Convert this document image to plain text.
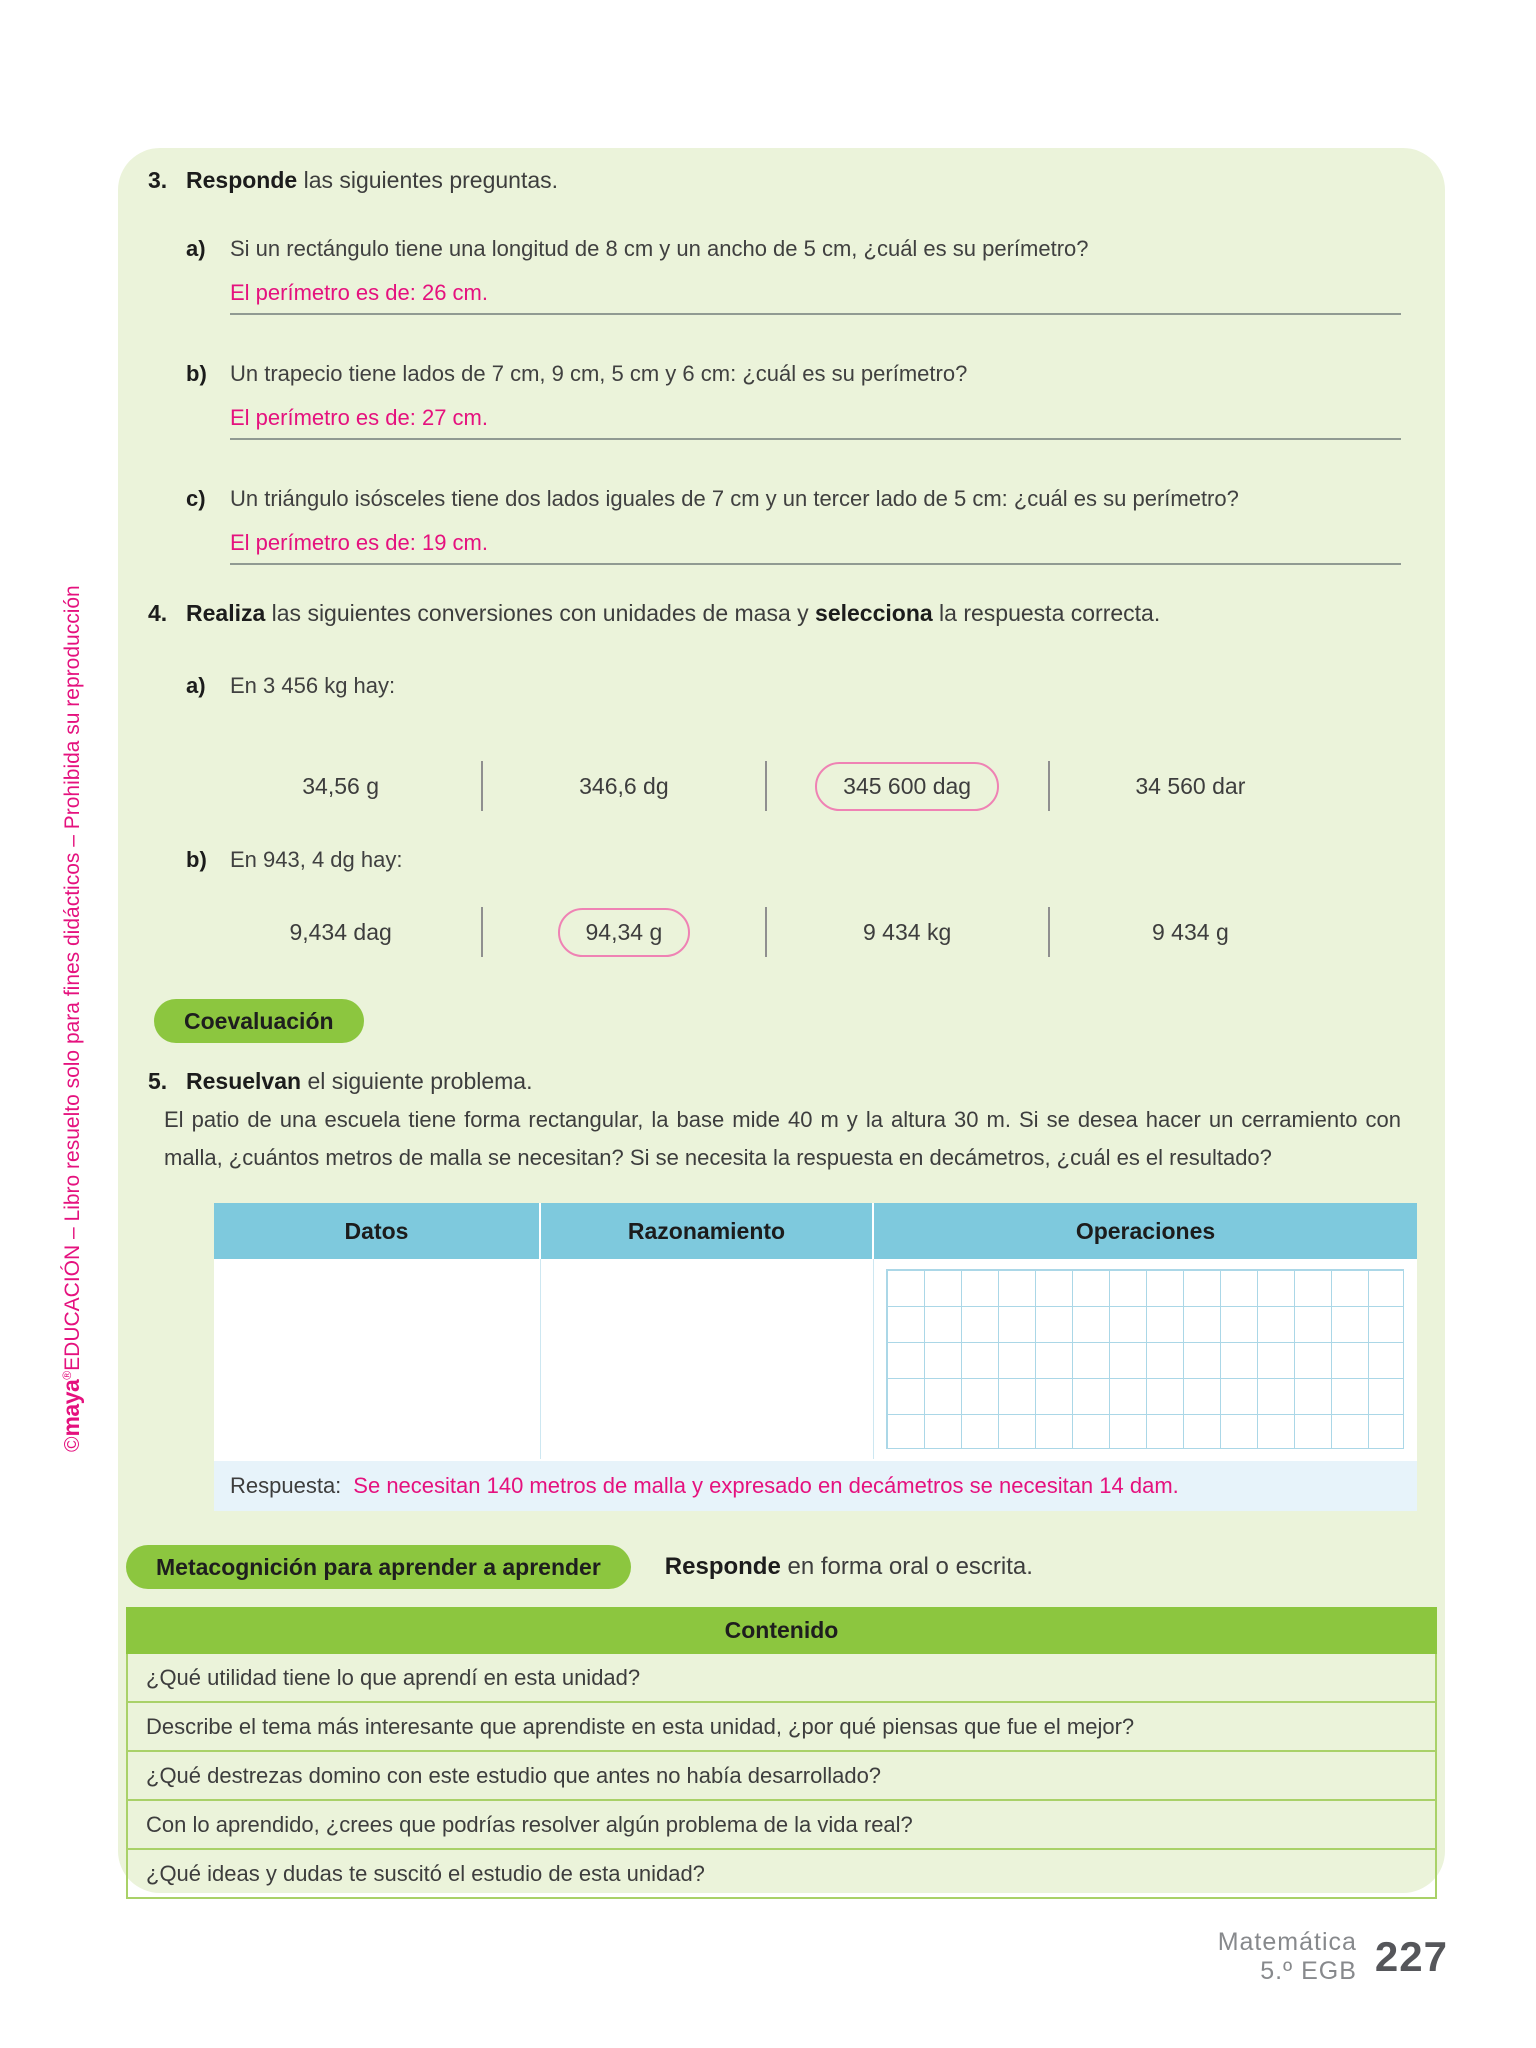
©maya®EDUCACIÓN – Libro resuelto solo para fines didácticos – Prohibida su reproducción
3. Responde las siguientes preguntas.
a)	Si un rectángulo tiene una longitud de 8 cm y un ancho de 5 cm, ¿cuál es su perímetro?
El perímetro es de: 26 cm.
b)	Un trapecio tiene lados de 7 cm, 9 cm, 5 cm y 6 cm: ¿cuál es su perímetro?
El perímetro es de: 27 cm.
c)	Un triángulo isósceles tiene dos lados iguales de 7 cm y un tercer lado de 5 cm: ¿cuál es su perímetro?
El perímetro es de: 19 cm.
4. Realiza las siguientes conversiones con unidades de masa y selecciona la respuesta correcta.
a)	En 3 456 kg hay:
34,56 g	346,6 dg	345 600 dag	34 560 dar
b)	En 943, 4 dg hay:
9,434 dag	94,34 g	9 434 kg	9 434 g
Coevaluación
5. Resuelvan el siguiente problema.
El patio de una escuela tiene forma rectangular, la base mide 40 m y la altura 30 m. Si se desea hacer un cerramiento con malla, ¿cuántos metros de malla se necesitan? Si se necesita la respuesta en decámetros, ¿cuál es el resultado?
Datos	Razonamiento	Operaciones
Respuesta: Se necesitan 140 metros de malla y expresado en decámetros se necesitan 14 dam.
Metacognición para aprender a aprender	Responde en forma oral o escrita.
Contenido
¿Qué utilidad tiene lo que aprendí en esta unidad?
Describe el tema más interesante que aprendiste en esta unidad, ¿por qué piensas que fue el mejor?
¿Qué destrezas domino con este estudio que antes no había desarrollado?
Con lo aprendido, ¿crees que podrías resolver algún problema de la vida real?
¿Qué ideas y dudas te suscitó el estudio de esta unidad?
Matemática
5.º EGB 227
